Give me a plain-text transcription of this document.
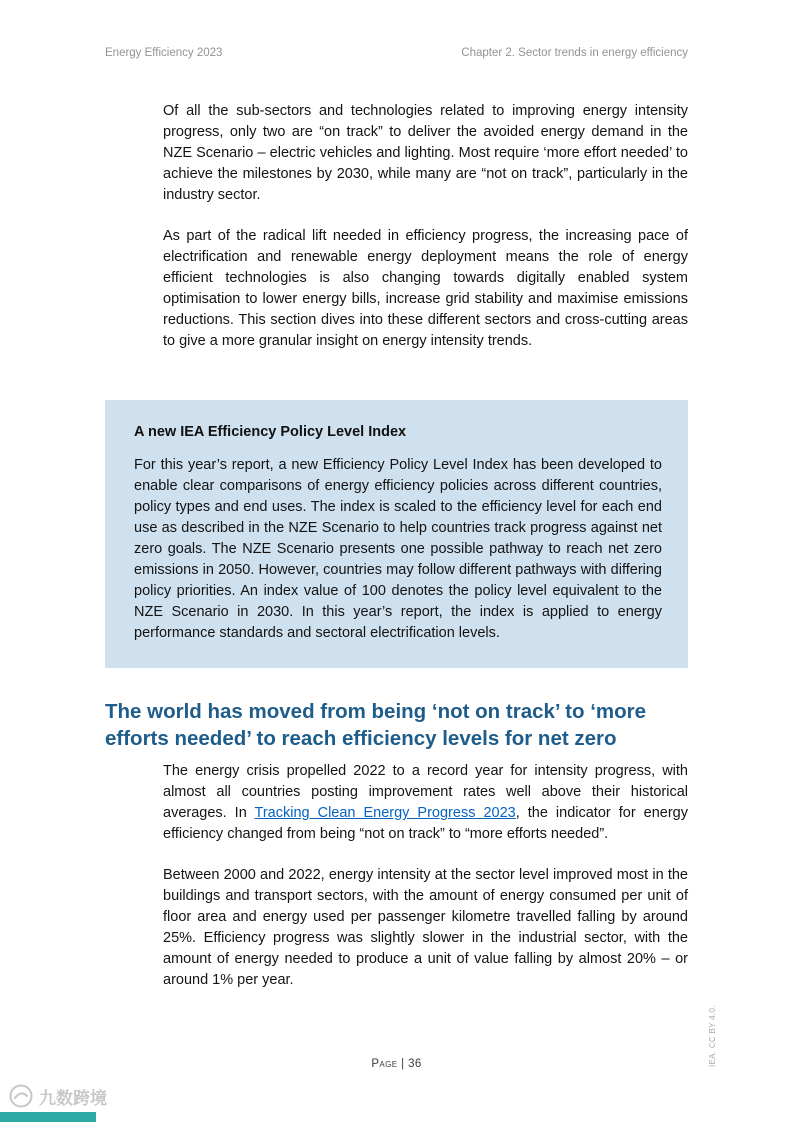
Energy Efficiency 2023	Chapter 2. Sector trends in energy efficiency

Of all the sub-sectors and technologies related to improving energy intensity progress, only two are “on track” to deliver the avoided energy demand in the NZE Scenario – electric vehicles and lighting. Most require ‘more effort needed’ to achieve the milestones by 2030, while many are “not on track”, particularly in the industry sector.

As part of the radical lift needed in efficiency progress, the increasing pace of electrification and renewable energy deployment means the role of energy efficient technologies is also changing towards digitally enabled system optimisation to lower energy bills, increase grid stability and maximise emissions reductions. This section dives into these different sectors and cross-cutting areas to give a more granular insight on energy intensity trends.

A new IEA Efficiency Policy Level Index

For this year’s report, a new Efficiency Policy Level Index has been developed to enable clear comparisons of energy efficiency policies across different countries, policy types and end uses. The index is scaled to the efficiency level for each end use as described in the NZE Scenario to help countries track progress against net zero goals. The NZE Scenario presents one possible pathway to reach net zero emissions in 2050. However, countries may follow different pathways with differing policy priorities. An index value of 100 denotes the policy level equivalent to the NZE Scenario in 2030. In this year’s report, the index is applied to energy performance standards and sectoral electrification levels.

The world has moved from being ‘not on track’ to ‘more efforts needed’ to reach efficiency levels for net zero

The energy crisis propelled 2022 to a record year for intensity progress, with almost all countries posting improvement rates well above their historical averages. In Tracking Clean Energy Progress 2023, the indicator for energy efficiency changed from being “not on track” to “more efforts needed”.

Between 2000 and 2022, energy intensity at the sector level improved most in the buildings and transport sectors, with the amount of energy consumed per unit of floor area and energy used per passenger kilometre travelled falling by around 25%. Efficiency progress was slightly slower in the industrial sector, with the amount of energy needed to produce a unit of value falling by almost 20% – or around 1% per year.

Page | 36	IEA. CC BY 4.0.
九数跨境
